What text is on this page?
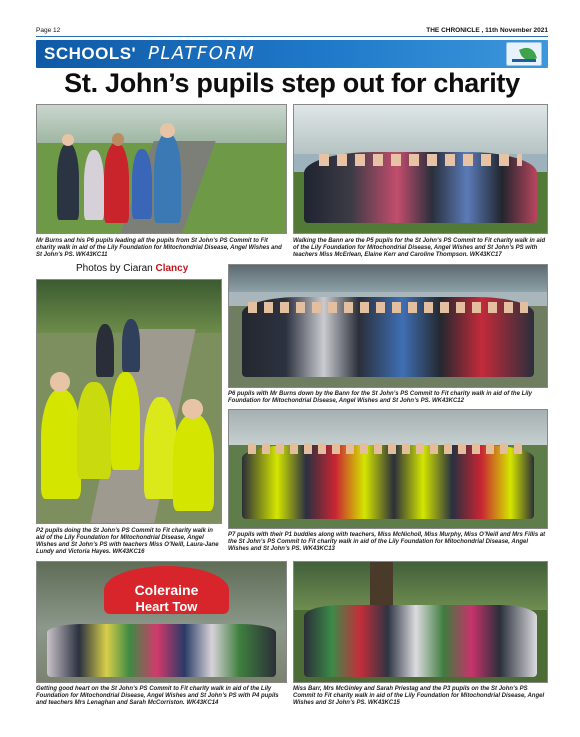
Page 12	THE CHRONICLE , 11th November 2021
SCHOOLS' PLATFORM
St. John’s pupils step out for charity
Mr Burns and his P6 pupils leading all the pupils from St John’s PS Commit to Fit charity walk in aid of the Lily Foundation for Mitochondrial Disease, Angel Wishes and St John’s PS. WK43KC11
Walking the Bann are the P5 pupils for the St John’s PS Commit to Fit charity walk in aid of the Lily Foundation for Mitochondrial Disease, Angel Wishes and St John’s PS with teachers Miss McErlean, Elaine Kerr and Caroline Thompson. WK43KC17
Photos by Ciaran Clancy
P2 pupils doing the St John’s PS Commit to Fit charity walk in aid of the Lily Foundation for Mitochondrial Disease, Angel Wishes and St John’s PS with teachers Miss O’Neill, Laura-Jane Lundy and Victoria Hayes. WK43KC16
P6 pupils with Mr Burns down by the Bann for the St John’s PS Commit to Fit charity walk in aid of the Lily Foundation for Mitochondrial Disease, Angel Wishes and St John’s PS. WK43KC12
P7 pupils with their P1 buddies along with teachers, Miss McNicholl, Miss Murphy, Miss O’Neill and Mrs Fillis at the St John’s PS Commit to Fit charity walk in aid of the Lily Foundation for Mitochondrial Disease, Angel Wishes and St John’s PS. WK43KC13
Coleraine
Heart Tow
Getting good heart on the St John’s PS Commit to Fit charity walk in aid of the Lily Foundation for Mitochondrial Disease, Angel Wishes and St John’s PS with P4 pupils and teachers Mrs Lenaghan and Sarah McCorriston. WK43KC14
Miss Barr, Mrs McGinley and Sarah Priestag and the P3 pupils on the St John’s PS Commit to Fit charity walk in aid of the Lily Foundation for Mitochondrial Disease, Angel Wishes and St John’s PS. WK43KC15
